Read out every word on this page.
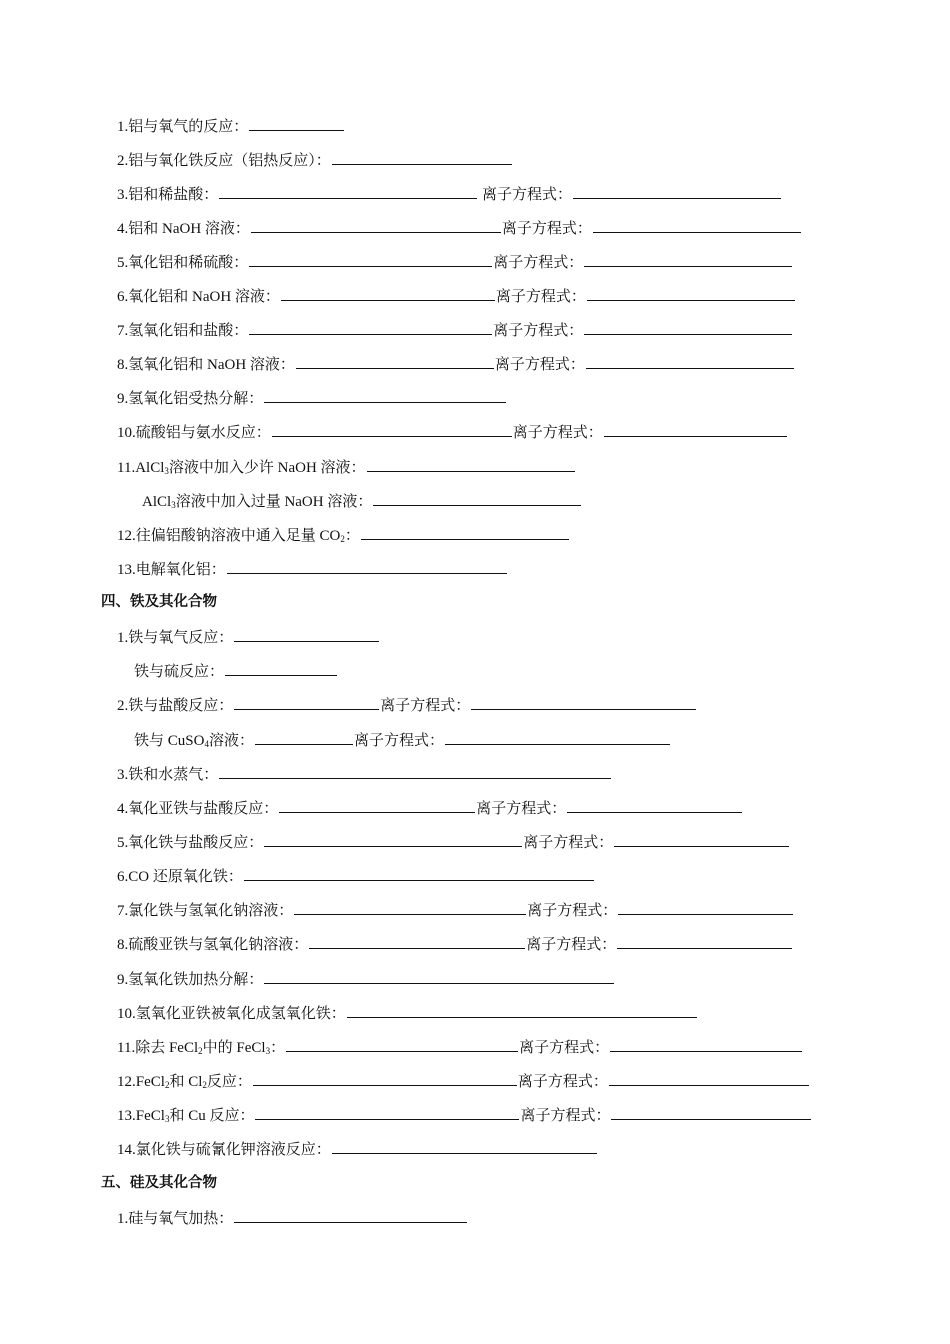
1.铝与氧气的反应：
2.铝与氧化铁反应（铝热反应）：
3.铝和稀盐酸：	离子方程式：
4.铝和 NaOH 溶液：	离子方程式：
5.氧化铝和稀硫酸：	离子方程式：
6.氧化铝和 NaOH 溶液：	离子方程式：
7.氢氧化铝和盐酸：	离子方程式：
8.氢氧化铝和 NaOH 溶液：	离子方程式：
9.氢氧化铝受热分解：
10.硫酸铝与氨水反应：	离子方程式：
11.AlCl$_3$溶液中加入少许 NaOH 溶液：
AlCl$_3$溶液中加入过量 NaOH 溶液：
12.往偏铝酸钠溶液中通入足量 $CO_2$：
13.电解氧化铝：
四、铁及其化合物
1.铁与氧气反应：
铁与硫反应：
2.铁与盐酸反应：	离子方程式：
铁与 CuSO$_4$溶液：	离子方程式：
3.铁和水蒸气：
4.氧化亚铁与盐酸反应：	离子方程式：
5.氧化铁与盐酸反应：	离子方程式：
6.CO 还原氧化铁：
7.氯化铁与氢氧化钠溶液：	离子方程式：
8.硫酸亚铁与氢氧化钠溶液：	离子方程式：
9.氢氧化铁加热分解：
10.氢氧化亚铁被氧化成氢氧化铁：
11.除去 FeCl$_2$中的 FeCl$_3$：	离子方程式：
12.FeCl$_2$和 $Cl_2$反应：	离子方程式：
13.FeCl$_3$和 Cu 反应：	离子方程式：
14.氯化铁与硫氰化钾溶液反应：
五、硅及其化合物
1.硅与氧气加热：
